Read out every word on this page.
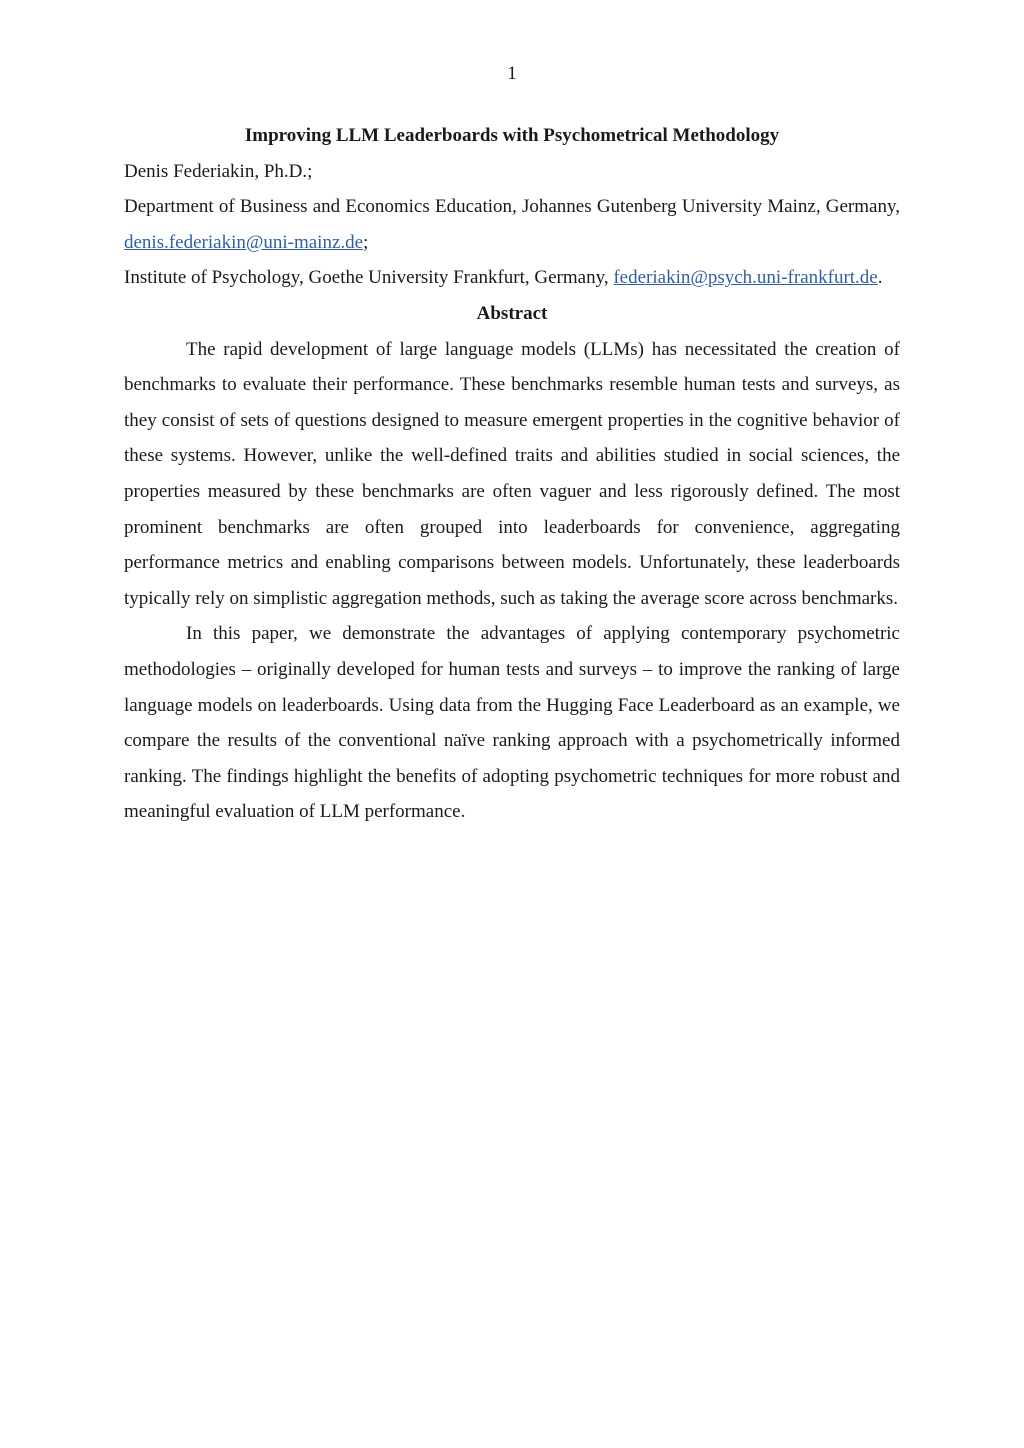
1

Improving LLM Leaderboards with Psychometrical Methodology

Denis Federiakin, Ph.D.;

Department of Business and Economics Education, Johannes Gutenberg University Mainz, Germany, denis.federiakin@uni-mainz.de;

Institute of Psychology, Goethe University Frankfurt, Germany, federiakin@psych.uni-frankfurt.de.

Abstract

The rapid development of large language models (LLMs) has necessitated the creation of benchmarks to evaluate their performance. These benchmarks resemble human tests and surveys, as they consist of sets of questions designed to measure emergent properties in the cognitive behavior of these systems. However, unlike the well-defined traits and abilities studied in social sciences, the properties measured by these benchmarks are often vaguer and less rigorously defined. The most prominent benchmarks are often grouped into leaderboards for convenience, aggregating performance metrics and enabling comparisons between models. Unfortunately, these leaderboards typically rely on simplistic aggregation methods, such as taking the average score across benchmarks.

In this paper, we demonstrate the advantages of applying contemporary psychometric methodologies – originally developed for human tests and surveys – to improve the ranking of large language models on leaderboards. Using data from the Hugging Face Leaderboard as an example, we compare the results of the conventional naïve ranking approach with a psychometrically informed ranking. The findings highlight the benefits of adopting psychometric techniques for more robust and meaningful evaluation of LLM performance.
